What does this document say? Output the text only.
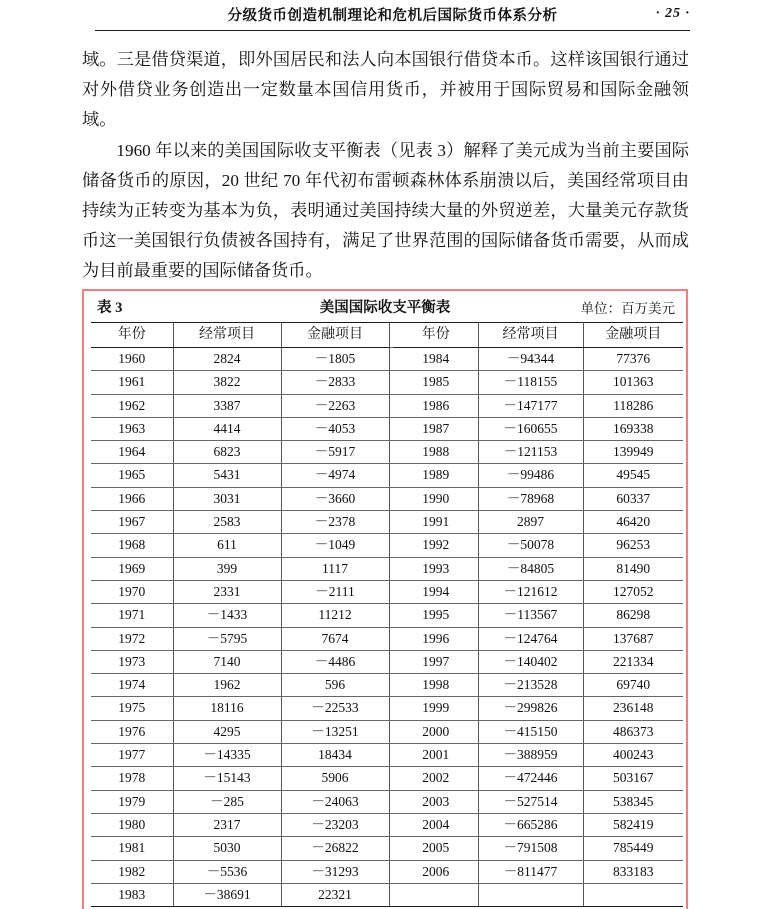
分级货币创造机制理论和危机后国际货币体系分析	· 25 ·

域。三是借贷渠道，即外国居民和法人向本国银行借贷本币。这样该国银行通过对外借贷业务创造出一定数量本国信用货币，并被用于国际贸易和国际金融领域。

1960 年以来的美国国际收支平衡表（见表 3）解释了美元成为当前主要国际储备货币的原因，20 世纪 70 年代初布雷顿森林体系崩溃以后，美国经常项目由持续为正转变为基本为负，表明通过美国持续大量的外贸逆差，大量美元存款货币这一美国银行负债被各国持有，满足了世界范围的国际储备货币需要，从而成为目前最重要的国际储备货币。

表 3	美国国际收支平衡表	单位：百万美元
年份	经常项目	金融项目		年份	经常项目	金融项目
1960	2824	－1805		1984	－94344	77376
1961	3822	－2833		1985	－118155	101363
1962	3387	－2263		1986	－147177	118286
1963	4414	－4053		1987	－160655	169338
1964	6823	－5917		1988	－121153	139949
1965	5431	－4974		1989	－99486	49545
1966	3031	－3660		1990	－78968	60337
1967	2583	－2378		1991	2897	46420
1968	611	－1049		1992	－50078	96253
1969	399	1117		1993	－84805	81490
1970	2331	－2111		1994	－121612	127052
1971	－1433	11212		1995	－113567	86298
1972	－5795	7674		1996	－124764	137687
1973	7140	－4486		1997	－140402	221334
1974	1962	596		1998	－213528	69740
1975	18116	－22533		1999	－299826	236148
1976	4295	－13251		2000	－415150	486373
1977	－14335	18434		2001	－388959	400243
1978	－15143	5906		2002	－472446	503167
1979	－285	－24063		2003	－527514	538345
1980	2317	－23203		2004	－665286	582419
1981	5030	－26822		2005	－791508	785449
1982	－5536	－31293		2006	－811477	833183
1983	－38691	22321				
